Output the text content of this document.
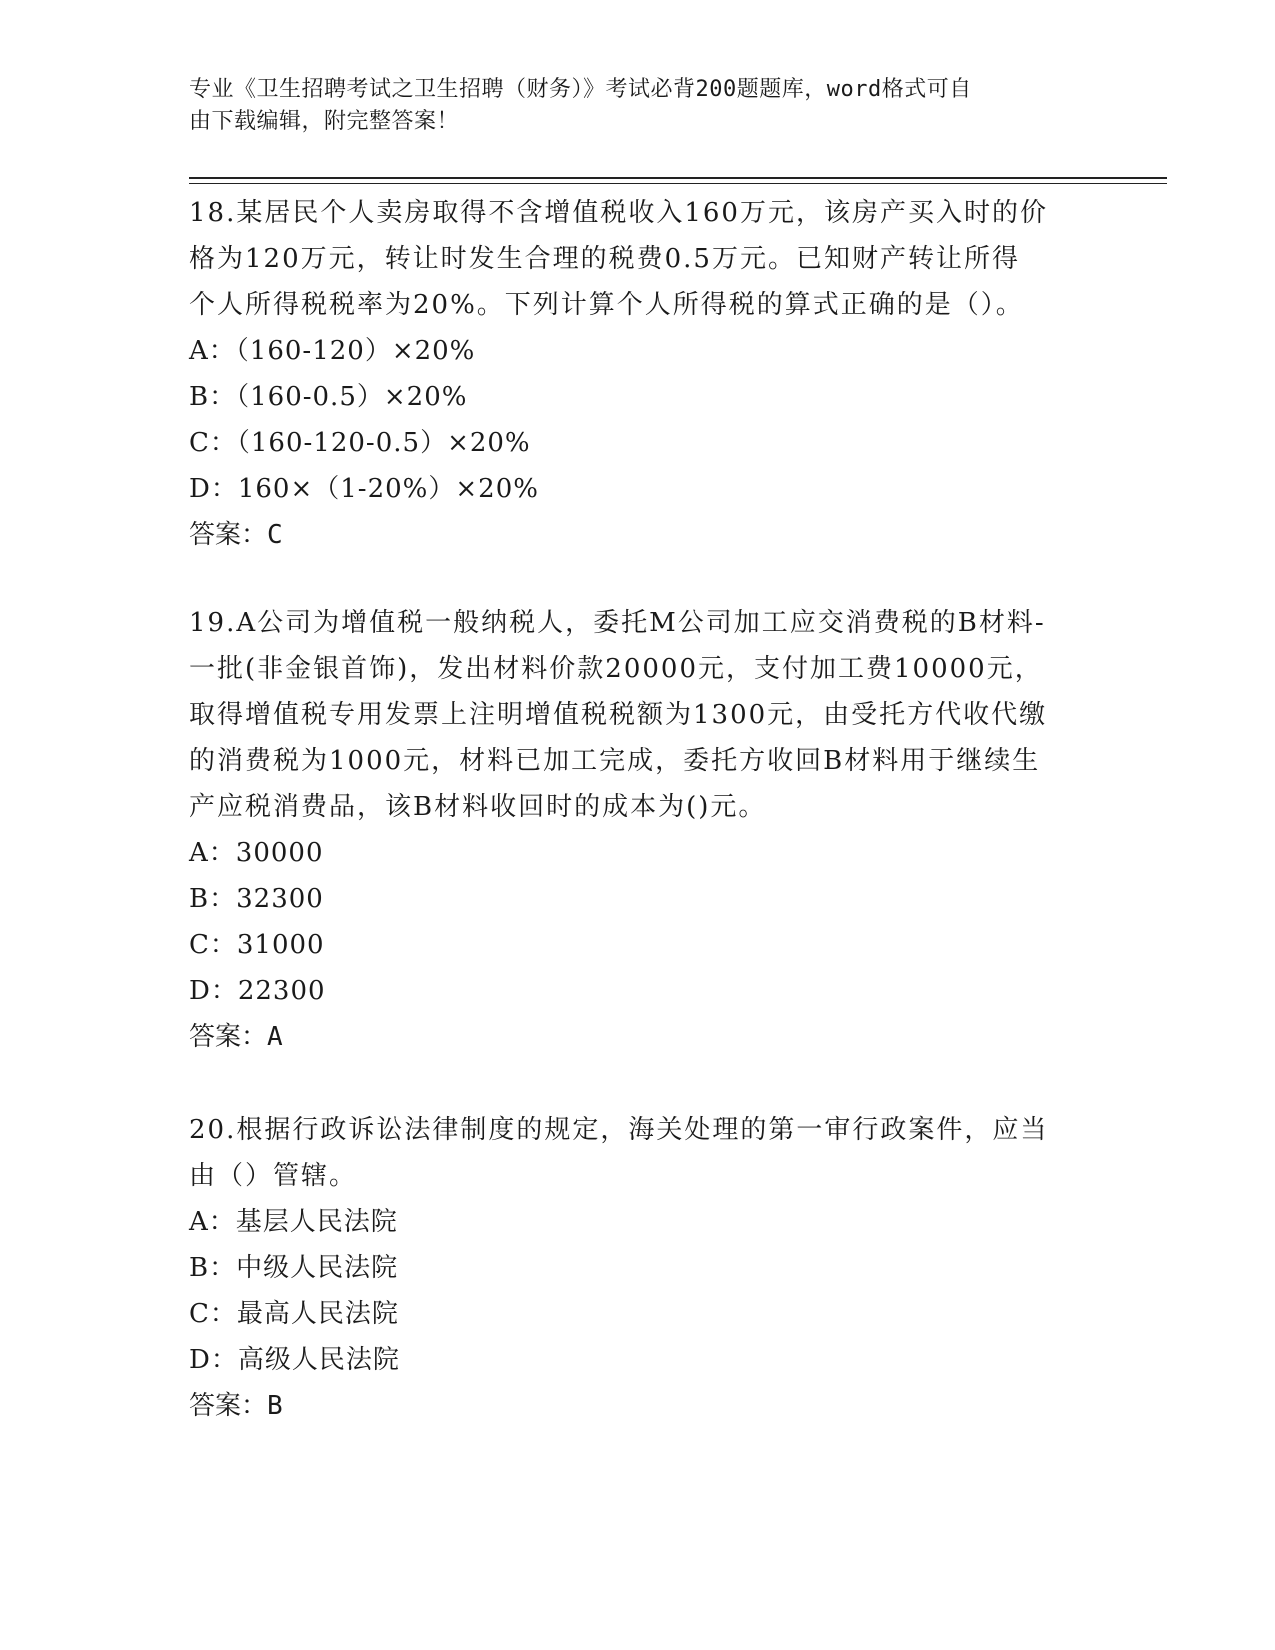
专业《卫生招聘考试之卫生招聘（财务）》考试必背200题题库，word格式可自
由下载编辑，附完整答案！
18.某居民个人卖房取得不含增值税收入160万元，该房产买入时的价
格为120万元，转让时发生合理的税费0.5万元。已知财产转让所得
个人所得税税率为20%。下列计算个人所得税的算式正确的是（）。
A：（160-120）×20%
B：（160-0.5）×20%
C：（160-120-0.5）×20%
D：160×（1-20%）×20%
答案：C
19.A公司为增值税一般纳税人，委托M公司加工应交消费税的B材料-
一批(非金银首饰)，发出材料价款20000元，支付加工费10000元，
取得增值税专用发票上注明增值税税额为1300元，由受托方代收代缴
的消费税为1000元，材料已加工完成，委托方收回B材料用于继续生
产应税消费品，该B材料收回时的成本为()元。
A：30000
B：32300
C：31000
D：22300
答案：A
20.根据行政诉讼法律制度的规定，海关处理的第一审行政案件，应当
由（）管辖。
A：基层人民法院
B：中级人民法院
C：最高人民法院
D：高级人民法院
答案：B
